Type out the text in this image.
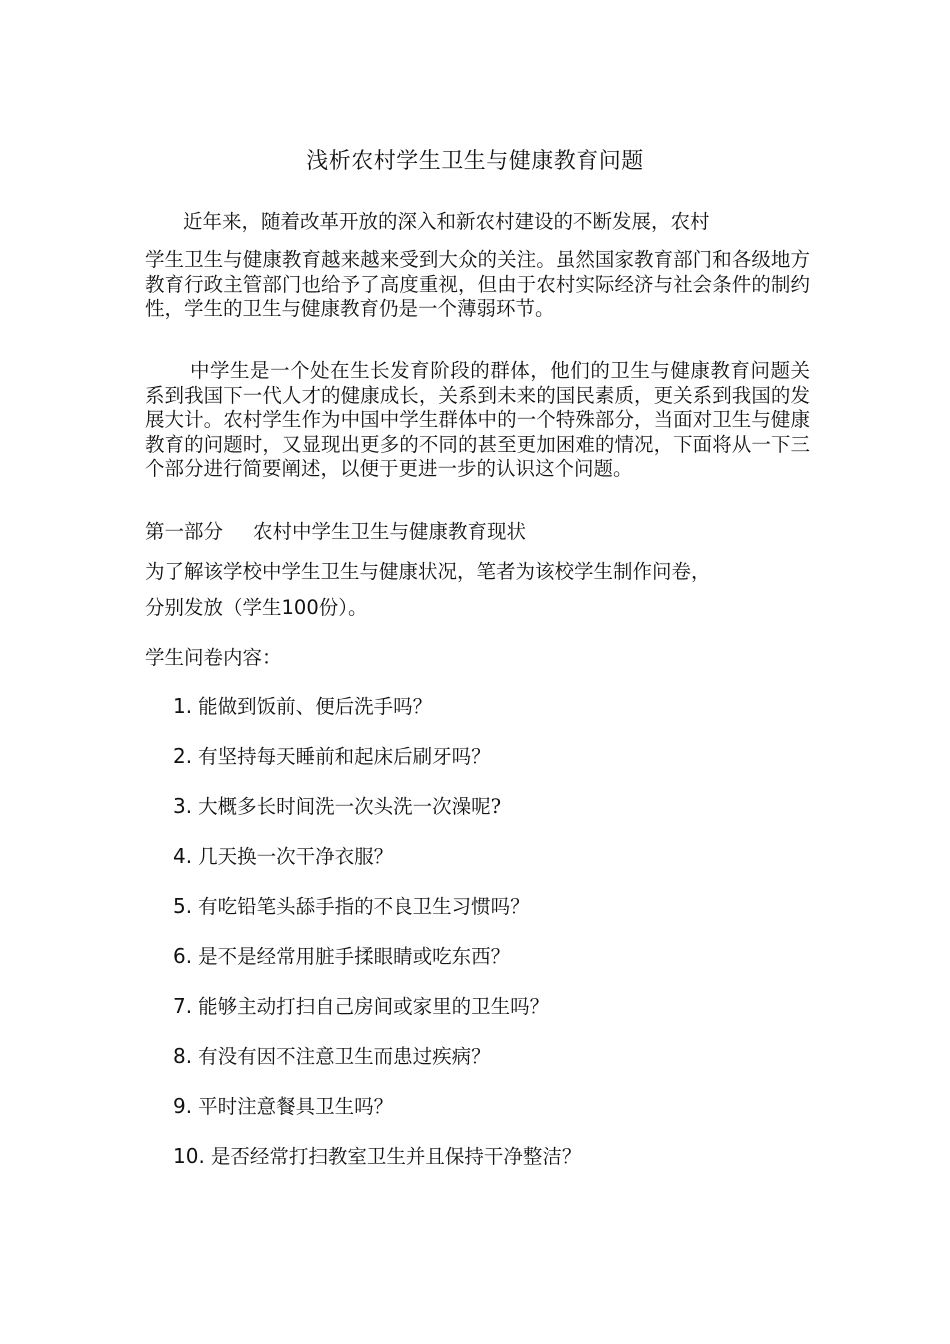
浅析农村学生卫生与健康教育问题
近年来，随着改革开放的深入和新农村建设的不断发展，农村

学生卫生与健康教育越来越来受到大众的关注。虽然国家教育部门和各级地方教育行政主管部门也给予了高度重视，但由于农村实际经济与社会条件的制约性，学生的卫生与健康教育仍是一个薄弱环节。

中学生是一个处在生长发育阶段的群体，他们的卫生与健康教育问题关系到我国下一代人才的健康成长，关系到未来的国民素质，更关系到我国的发展大计。农村学生作为中国中学生群体中的一个特殊部分，当面对卫生与健康教育的问题时，又显现出更多的不同的甚至更加困难的情况，下面将从一下三个部分进行简要阐述，以便于更进一步的认识这个问题。

第一部分 农村中学生卫生与健康教育现状
为了解该学校中学生卫生与健康状况，笔者为该校学生制作问卷，
分别发放（学生100份）。
学生问卷内容：
1. 能做到饭前、便后洗手吗？
2. 有坚持每天睡前和起床后刷牙吗？
3. 大概多长时间洗一次头洗一次澡呢?
4. 几天换一次干净衣服？
5. 有吃铅笔头舔手指的不良卫生习惯吗？
6. 是不是经常用脏手揉眼睛或吃东西？
7. 能够主动打扫自己房间或家里的卫生吗？
8. 有没有因不注意卫生而患过疾病？
9. 平时注意餐具卫生吗？
10. 是否经常打扫教室卫生并且保持干净整洁？
